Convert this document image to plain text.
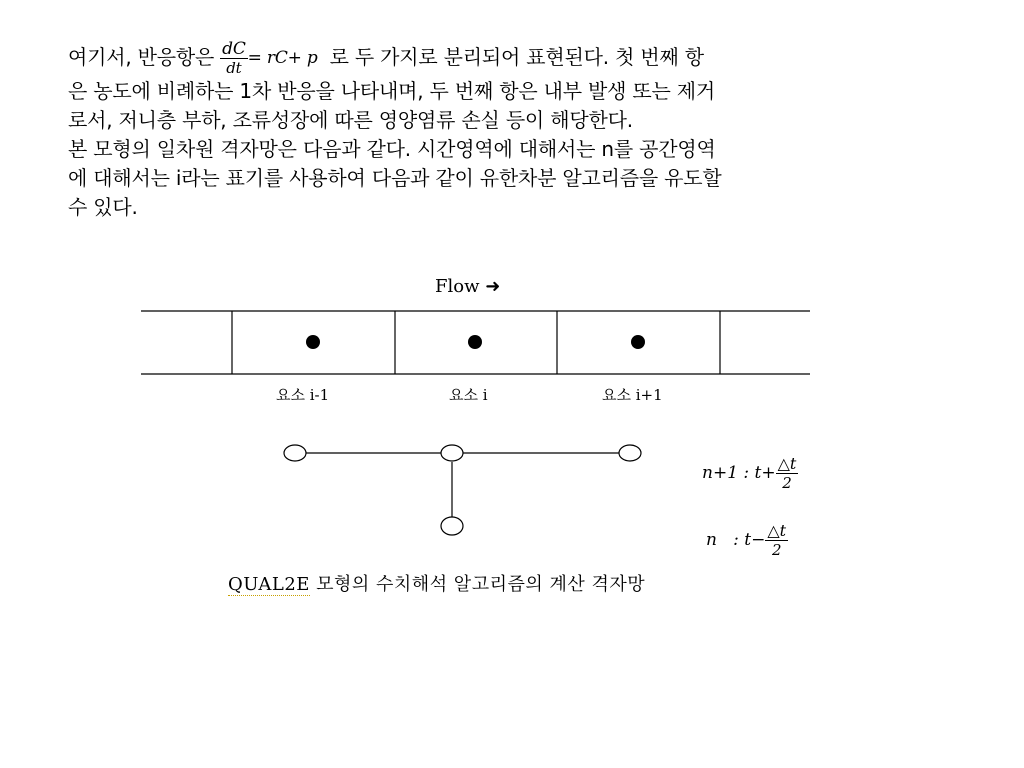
여기서, 반응항은 $\frac{dC}{dt} = rC+ p$ 로 두 가지로 분리되어 표현된다. 첫 번째 항
은 농도에 비례하는 1차 반응을 나타내며, 두 번째 항은 내부 발생 또는 제거
로서, 저니층 부하, 조류성장에 따른 영양염류 손실 등이 해당한다.
본 모형의 일차원 격자망은 다음과 같다. 시간영역에 대해서는 n를 공간영역
에 대해서는 i라는 표기를 사용하여 다음과 같이 유한차분 알고리즘을 유도할
수 있다.
Flow ➜
요소 i-1	요소 i	요소 i+1
n+1 : $t+ \frac{\triangle t}{2}$
n   : $t- \frac{\triangle t}{2}$
QUAL2E 모형의 수치해석 알고리즘의 계산 격자망
